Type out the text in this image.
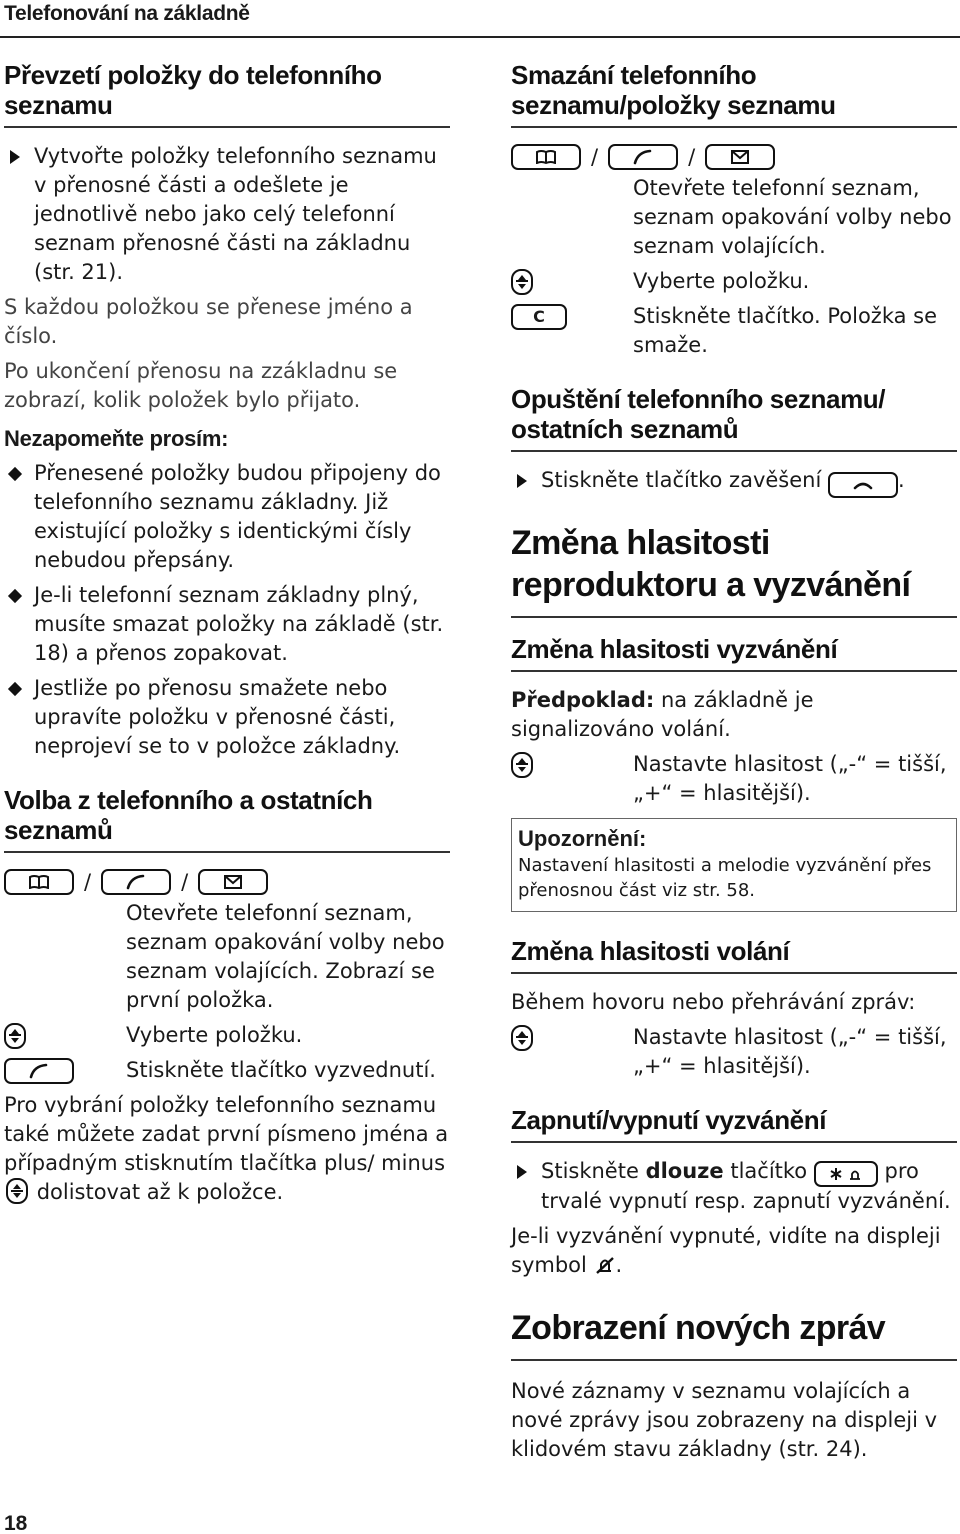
Telefonování na základně
Převzetí položky do telefonního seznamu
Vytvořte položky telefonního seznamu v přenosné části a odešlete je jednotlivě nebo jako celý telefonní seznam přenosné části na základnu (str. 21).

S každou položkou se přenese jméno a číslo.

Po ukončení přenosu na zzákladnu se zobrazí, kolik položek bylo přijato.

Nezapomeňte prosím:
Přenesené položky budou připojeny do telefonního seznamu základny. Již existující položky s identickými čísly nebudou přepsány.
Je-li telefonní seznam základny plný, musíte smazat položky na základě (str. 18) a přenos zopakovat.
Jestliže po přenosu smažete nebo upravíte položku v přenosné části, neprojeví se to v položce základny.
Volba z telefonního a ostatních seznamů
/	/
Otevřete telefonní seznam, seznam opakování volby nebo seznam volajících. Zobrazí se první položka.
Vyberte položku.
Stiskněte tlačítko vyzvednutí.

Pro vybrání položky telefonního seznamu také můžete zadat první písmeno jména a případným stisknutím tlačítka plus/ minus
dolistovat až k položce.

Smazání telefonního seznamu/položky seznamu
/	/
Otevřete telefonní seznam, seznam opakování volby nebo seznam volajících.
Vyberte položku.
C	Stiskněte tlačítko. Položka se smaže.
Opuštění telefonního seznamu/ ostatních seznamů
Stiskněte tlačítko zavěšení	.
Změna hlasitosti reproduktoru a vyzvánění
Změna hlasitosti vyzvánění

Předpoklad: na základně je signalizováno volání.

Nastavte hlasitost („-“ = tišší, „+“ = hlasitější).
Upozornění:
Nastavení hlasitosti a melodie vyzvánění přes přenosnou část viz str. 58.
Změna hlasitosti volání

Během hovoru nebo přehrávání zpráv:

Nastavte hlasitost („-“ = tišší, „+“ = hlasitější).
Zapnutí/vypnutí vyzvánění
Stiskněte dlouze tlačítko	pro trvalé vypnutí resp. zapnutí vyzvánění.

Je-li vyzvánění vypnuté, vidíte na displeji symbol .

Zobrazení nových zpráv

Nové záznamy v seznamu volajících a nové zprávy jsou zobrazeny na displeji v klidovém stavu základny (str. 24).

18
